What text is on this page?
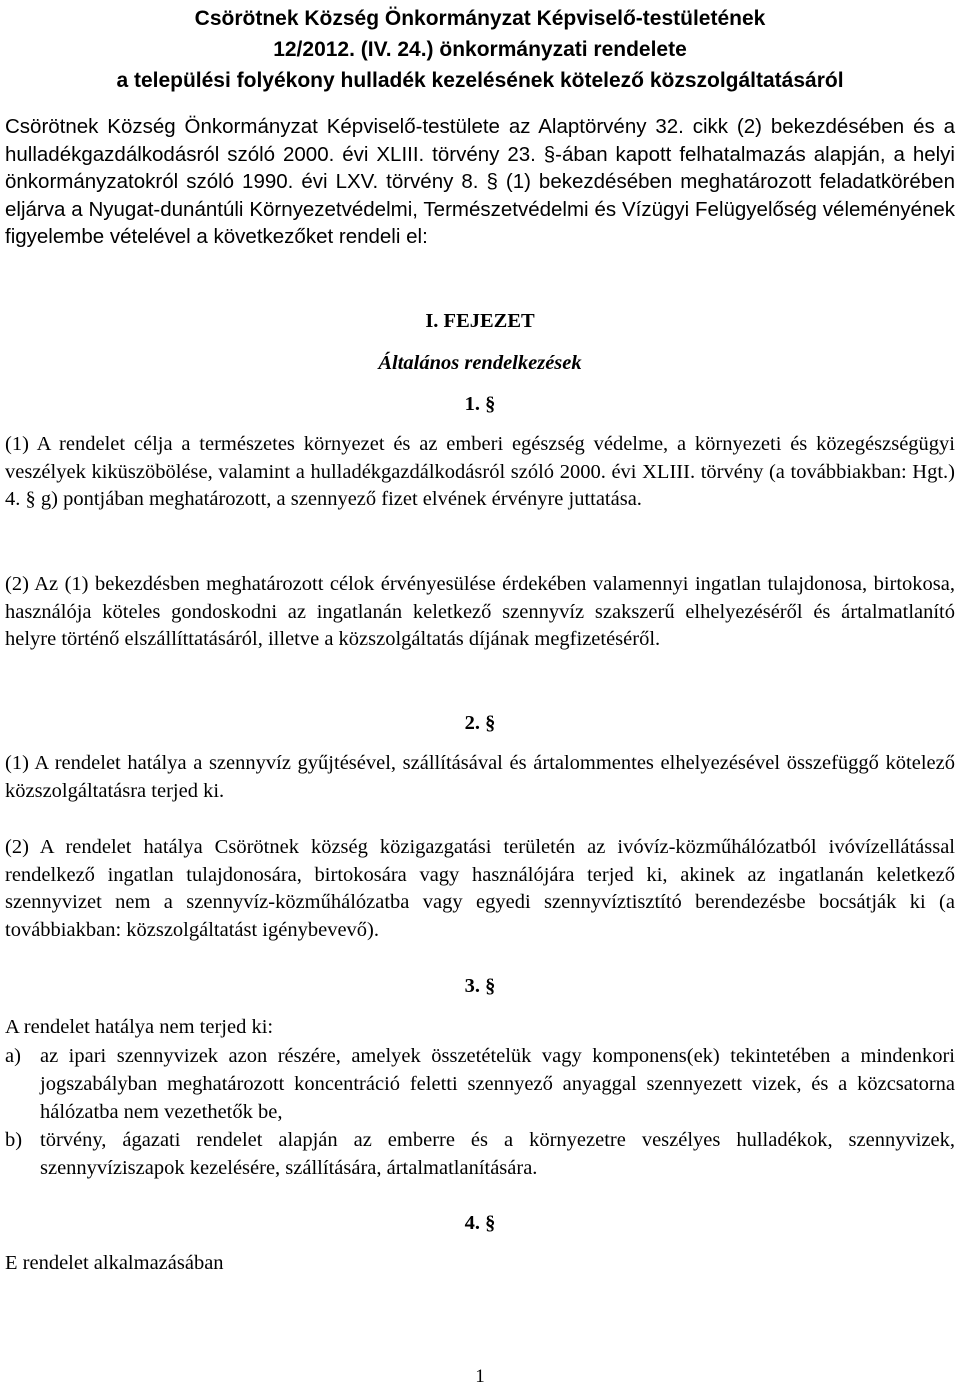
Csörötnek Község Önkormányzat Képviselő-testületének
12/2012. (IV. 24.) önkormányzati rendelete
a települési folyékony hulladék kezelésének kötelező közszolgáltatásáról

Csörötnek Község Önkormányzat Képviselő-testülete az Alaptörvény 32. cikk (2) bekezdésében és a hulladékgazdálkodásról szóló 2000. évi XLIII. törvény 23. §-ában kapott felhatalmazás alapján, a helyi önkormányzatokról szóló 1990. évi LXV. törvény 8. § (1) bekezdésében meghatározott feladatkörében eljárva a Nyugat-dunántúli Környezetvédelmi, Természetvédelmi és Vízügyi Felügyelőség véleményének figyelembe vételével a következőket rendeli el:

I. FEJEZET
Általános rendelkezések
1. §

(1) A rendelet célja a természetes környezet és az emberi egészség védelme, a környezeti és közegészségügyi veszélyek kiküszöbölése, valamint a hulladékgazdálkodásról szóló 2000. évi XLIII. törvény (a továbbiakban: Hgt.) 4. § g) pontjában meghatározott, a szennyező fizet elvének érvényre juttatása.

(2) Az (1) bekezdésben meghatározott célok érvényesülése érdekében valamennyi ingatlan tulajdonosa, birtokosa, használója köteles gondoskodni az ingatlanán keletkező szennyvíz szakszerű elhelyezéséről és ártalmatlanító helyre történő elszállíttatásáról, illetve a közszolgáltatás díjának megfizetéséről.

2. §

(1) A rendelet hatálya a szennyvíz gyűjtésével, szállításával és ártalommentes elhelyezésével összefüggő kötelező közszolgáltatásra terjed ki.

(2) A rendelet hatálya Csörötnek község közigazgatási területén az ivóvíz-közműhálózatból ivóvízellátással rendelkező ingatlan tulajdonosára, birtokosára vagy használójára terjed ki, akinek az ingatlanán keletkező szennyvizet nem a szennyvíz-közműhálózatba vagy egyedi szennyvíztisztító berendezésbe bocsátják ki (a továbbiakban: közszolgáltatást igénybevevő).

3. §

A rendelet hatálya nem terjed ki:

a) az ipari szennyvizek azon részére, amelyek összetételük vagy komponens(ek) tekintetében a mindenkori jogszabályban meghatározott koncentráció feletti szennyező anyaggal szennyezett vizek, és a közcsatorna hálózatba nem vezethetők be,
b) törvény, ágazati rendelet alapján az emberre és a környezetre veszélyes hulladékok, szennyvizek, szennyvíziszapok kezelésére, szállítására, ártalmatlanítására.
4. §

E rendelet alkalmazásában

1
